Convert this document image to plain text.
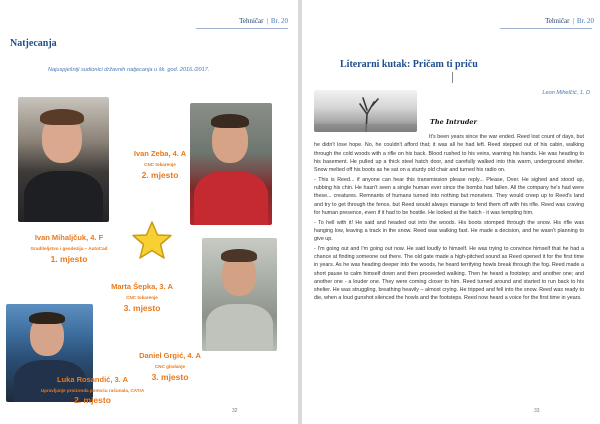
Tehničar | Br. 20
Natjecanja
Najuspješniji sudionici državnih natjecanja u šk. god. 2016./2017.
Ivan Mihaljčuk, 4. F
Graditeljstvo i geodezija – AutoCad
1. mjesto
Ivan Zeba, 4. A
CNC tokarenje
2. mjesto
Marta Šepka, 3. A
CNC tokarenje
3. mjesto
Luka Rosandić, 3. A
Upravljanje proizvoda pomoću računala, CATIA
2. mjesto
Daniel Grgić, 4. A
CNC glodanje
3. mjesto
32
Tehničar | Br. 20
Literarni kutak: Pričam ti priču
Leon Mihelčić, 1. D
The Intruder

It's been years since the war ended. Reed lost count of days, but he didn't lose hope. No, he couldn't afford that; it was all he had left. Reed stepped out of his cabin, walking through the cold woods with a rifle on his back. Blood rushed to his veins, warning his hands. He was heading to his basement. He pulled up a thick steel hatch door, and carefully walked into this warm, underground shelter. Snow melted off his boots as he sat on a sturdy old chair and turned his radio on.

- This is Reed... if anyone can hear this transmission please reply... Please, Over. He sighed and stood up, rubbing his chin. He hasn't seen a single human ever since the bombs had fallen. All the company he's had were these... creatures. Remnants of humans turned into nothing but monsters. They would creep up to Reed's land and try to get through the fence, but Reed would always manage to fend them off with his rifle. Reed was craving for human presence, even if it had to be hostile. He looked at the hatch - it was tempting him.

- To hell with it! He said and headed out into the woods. His boots stomped through the snow. His rifle was hanging low, leaving a track in the snow. Reed was walking fast. He made a decision, and he wasn't planning to give up.

- I'm going out and I'm going out now. He said loudly to himself. He was trying to convince himself that he had a chance at finding someone out there. The old gate made a high-pitched sound as Reed opened it for the first time in years. As he was heading deeper into the woods, he heard terrifying howls break through the fog. Reed made a short pause to calm himself down and then proceeded walking. Then he heard a footstep; and another one; and another one - a louder one. They were coming closer to him. Reed turned around and started to run back to his shelter. He was struggling, breathing heavily – almost crying. He tripped and fell into the snow. Reed was ready to die, when a loud gunshot silenced the howls and the footsteps. Reed now heard a voice for the first time in years.

33
